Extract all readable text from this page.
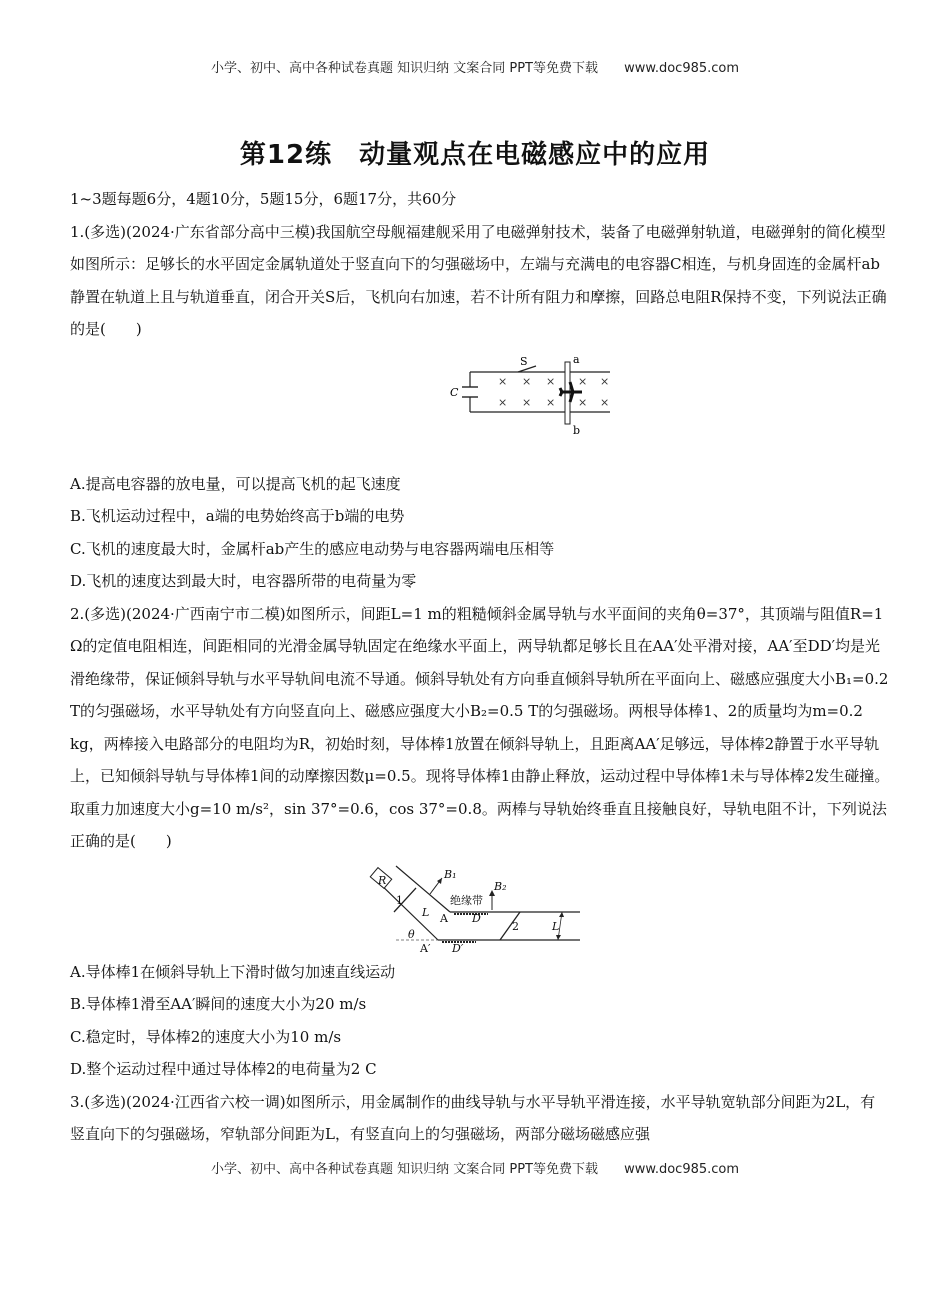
小学、初中、高中各种试卷真题 知识归纳 文案合同 PPT等免费下载 www.doc985.com
第12练　动量观点在电磁感应中的应用

1~3题每题6分，4题10分，5题15分，6题17分，共60分

1.(多选)(2024·广东省部分高中三模)我国航空母舰福建舰采用了电磁弹射技术，装备了电磁弹射轨道，电磁弹射的简化模型如图所示：足够长的水平固定金属轨道处于竖直向下的匀强磁场中，左端与充满电的电容器C相连，与机身固连的金属杆ab静置在轨道上且与轨道垂直，闭合开关S后，飞机向右加速，若不计所有阻力和摩擦，回路总电阻R保持不变，下列说法正确的是(　　)

× × × × ×
× × × × ×
S	a
b
C

A.提高电容器的放电量，可以提高飞机的起飞速度

B.飞机运动过程中，a端的电势始终高于b端的电势

C.飞机的速度最大时，金属杆ab产生的感应电动势与电容器两端电压相等

D.飞机的速度达到最大时，电容器所带的电荷量为零

2.(多选)(2024·广西南宁市二模)如图所示，间距L=1 m的粗糙倾斜金属导轨与水平面间的夹角θ=37°，其顶端与阻值R=1 Ω的定值电阻相连，间距相同的光滑金属导轨固定在绝缘水平面上，两导轨都足够长且在AA′处平滑对接，AA′至DD′均是光滑绝缘带，保证倾斜导轨与水平导轨间电流不导通。倾斜导轨处有方向垂直倾斜导轨所在平面向上、磁感应强度大小B₁=0.2 T的匀强磁场，水平导轨处有方向竖直向上、磁感应强度大小B₂=0.5 T的匀强磁场。两根导体棒1、2的质量均为m=0.2 kg，两棒接入电路部分的电阻均为R，初始时刻，导体棒1放置在倾斜导轨上，且距离AA′足够远，导体棒2静置于水平导轨上，已知倾斜导轨与导体棒1间的动摩擦因数μ=0.5。现将导体棒1由静止释放，运动过程中导体棒1未与导体棒2发生碰撞。取重力加速度大小g=10 m/s²，sin 37°=0.6，cos 37°=0.8。两棒与导轨始终垂直且接触良好，导轨电阻不计，下列说法正确的是(　　)

R	B₁
B₂
绝缘带
1
2
L
L
A D
A′ D′
θ

A.导体棒1在倾斜导轨上下滑时做匀加速直线运动

B.导体棒1滑至AA′瞬间的速度大小为20 m/s

C.稳定时，导体棒2的速度大小为10 m/s

D.整个运动过程中通过导体棒2的电荷量为2 C

3.(多选)(2024·江西省六校一调)如图所示，用金属制作的曲线导轨与水平导轨平滑连接，水平导轨宽轨部分间距为2L，有竖直向下的匀强磁场，窄轨部分间距为L，有竖直向上的匀强磁场，两部分磁场磁感应强

小学、初中、高中各种试卷真题 知识归纳 文案合同 PPT等免费下载 www.doc985.com
